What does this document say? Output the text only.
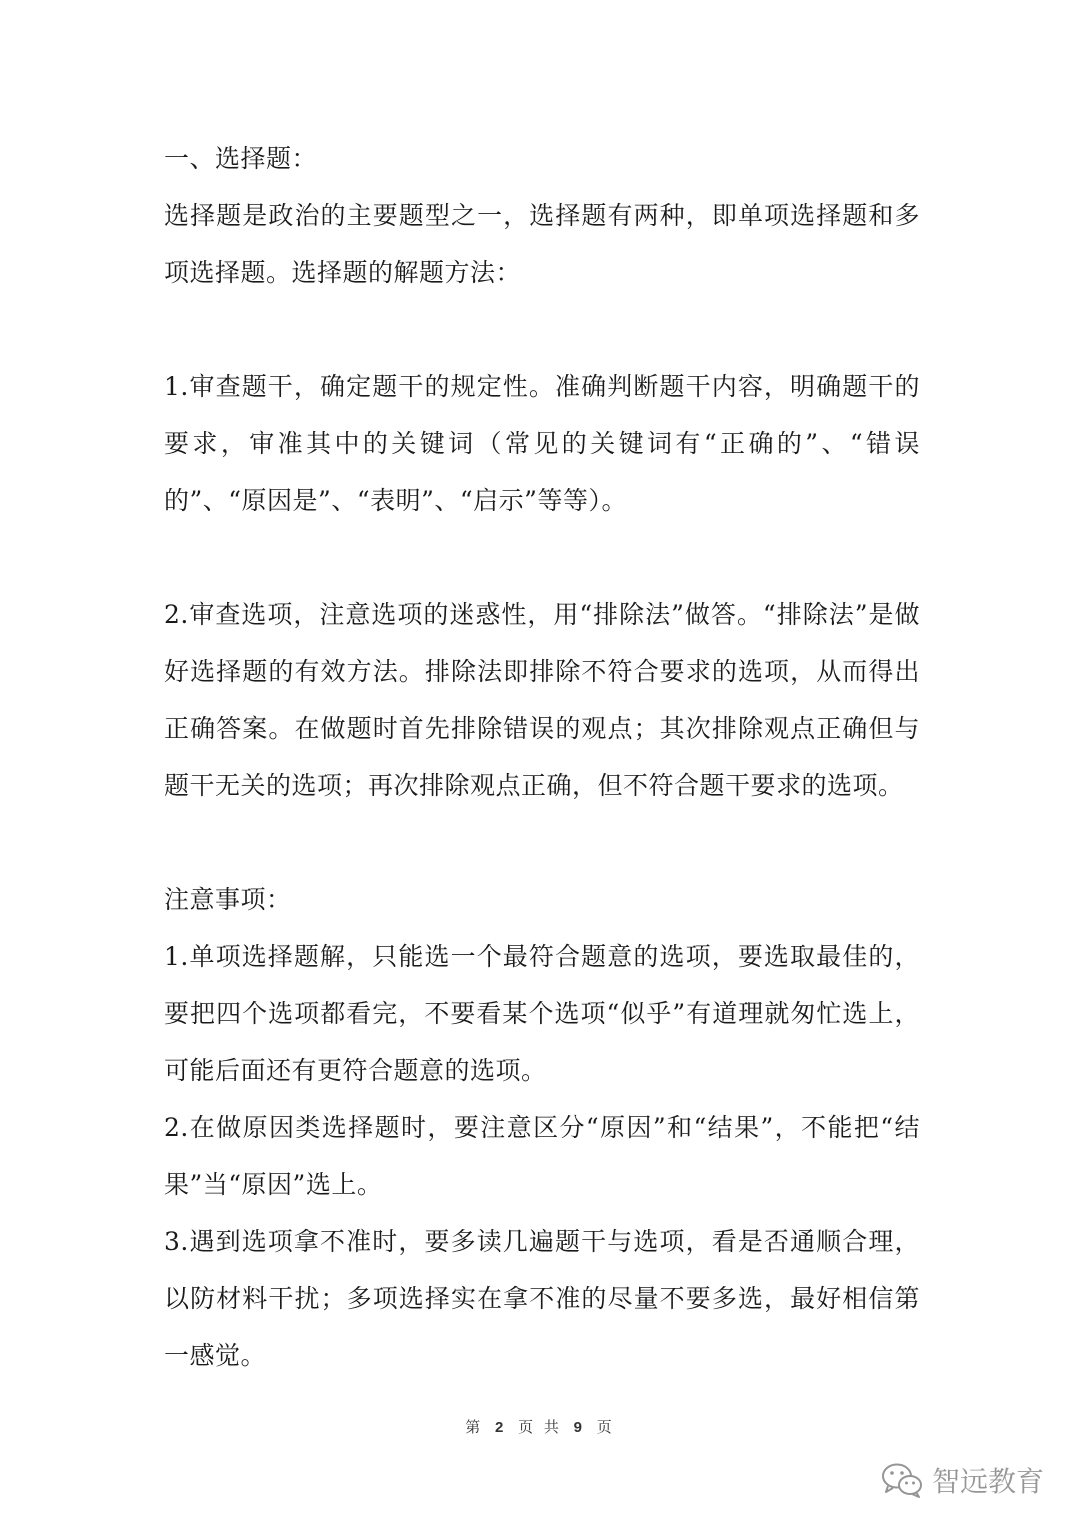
一、选择题：

选择题是政治的主要题型之一，选择题有两种，即单项选择题和多项选择题。选择题的解题方法：

1.审查题干，确定题干的规定性。准确判断题干内容，明确题干的要求，审准其中的关键词（常见的关键词有“正确的”、“错误的”、“原因是”、“表明”、“启示”等等）。

2.审查选项，注意选项的迷惑性，用“排除法”做答。“排除法”是做好选择题的有效方法。排除法即排除不符合要求的选项，从而得出正确答案。在做题时首先排除错误的观点；其次排除观点正确但与题干无关的选项；再次排除观点正确，但不符合题干要求的选项。

注意事项：

1.单项选择题解，只能选一个最符合题意的选项，要选取最佳的，要把四个选项都看完，不要看某个选项“似乎”有道理就匆忙选上，可能后面还有更符合题意的选项。

2.在做原因类选择题时，要注意区分“原因”和“结果”，不能把“结果”当“原因”选上。

3.遇到选项拿不准时，要多读几遍题干与选项，看是否通顺合理，以防材料干扰；多项选择实在拿不准的尽量不要多选，最好相信第一感觉。

第 2 页 共 9 页
智远教育
